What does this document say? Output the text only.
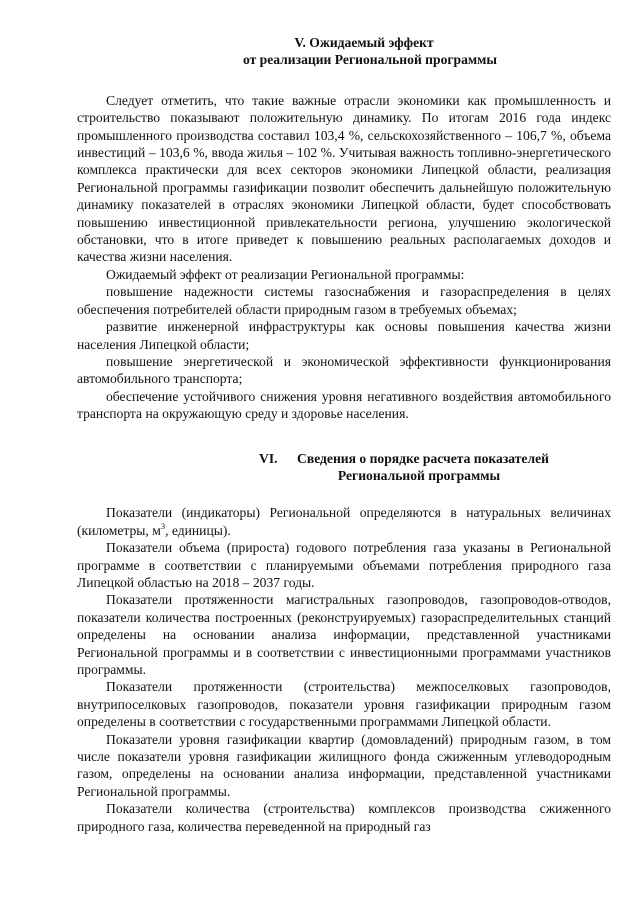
V. Ожидаемый эффект
от реализации Региональной программы

Следует отметить, что такие важные отрасли экономики как промышленность и строительство показывают положительную динамику. По итогам 2016 года индекс промышленного производства составил 103,4 %, сельскохозяйственного – 106,7 %, объема инвестиций – 103,6 %, ввода жилья – 102 %. Учитывая важность топливно-энергетического комплекса практически для всех секторов экономики Липецкой области, реализация Региональной программы газификации позволит обеспечить дальнейшую положительную динамику показателей в отраслях экономики Липецкой области, будет способствовать повышению инвестиционной привлекательности региона, улучшению экологической обстановки, что в итоге приведет к повышению реальных располагаемых доходов и качества жизни населения.

Ожидаемый эффект от реализации Региональной программы:

повышение надежности системы газоснабжения и газораспределения в целях обеспечения потребителей области природным газом в требуемых объемах;

развитие инженерной инфраструктуры как основы повышения качества жизни населения Липецкой области;

повышение энергетической и экономической эффективности функционирования автомобильного транспорта;

обеспечение устойчивого снижения уровня негативного воздействия автомобильного транспорта на окружающую среду и здоровье населения.

VI. Сведения о порядке расчета показателей
Региональной программы

Показатели (индикаторы) Региональной определяются в натуральных величинах (километры, $м^3$, единицы).

Показатели объема (прироста) годового потребления газа указаны в Региональной программе в соответствии с планируемыми объемами потребления природного газа Липецкой областью на 2018 – 2037 годы.

Показатели протяженности магистральных газопроводов, газопроводов-отводов, показатели количества построенных (реконструируемых) газораспределительных станций определены на основании анализа информации, представленной участниками Региональной программы и в соответствии с инвестиционными программами участников программы.

Показатели протяженности (строительства) межпоселковых газопроводов, внутрипоселковых газопроводов, показатели уровня газификации природным газом определены в соответствии с государственными программами Липецкой области.

Показатели уровня газификации квартир (домовладений) природным газом, в том числе показатели уровня газификации жилищного фонда сжиженным углеводородным газом, определены на основании анализа информации, представленной участниками Региональной программы.

Показатели количества (строительства) комплексов производства сжиженного природного газа, количества переведенной на природный газ
